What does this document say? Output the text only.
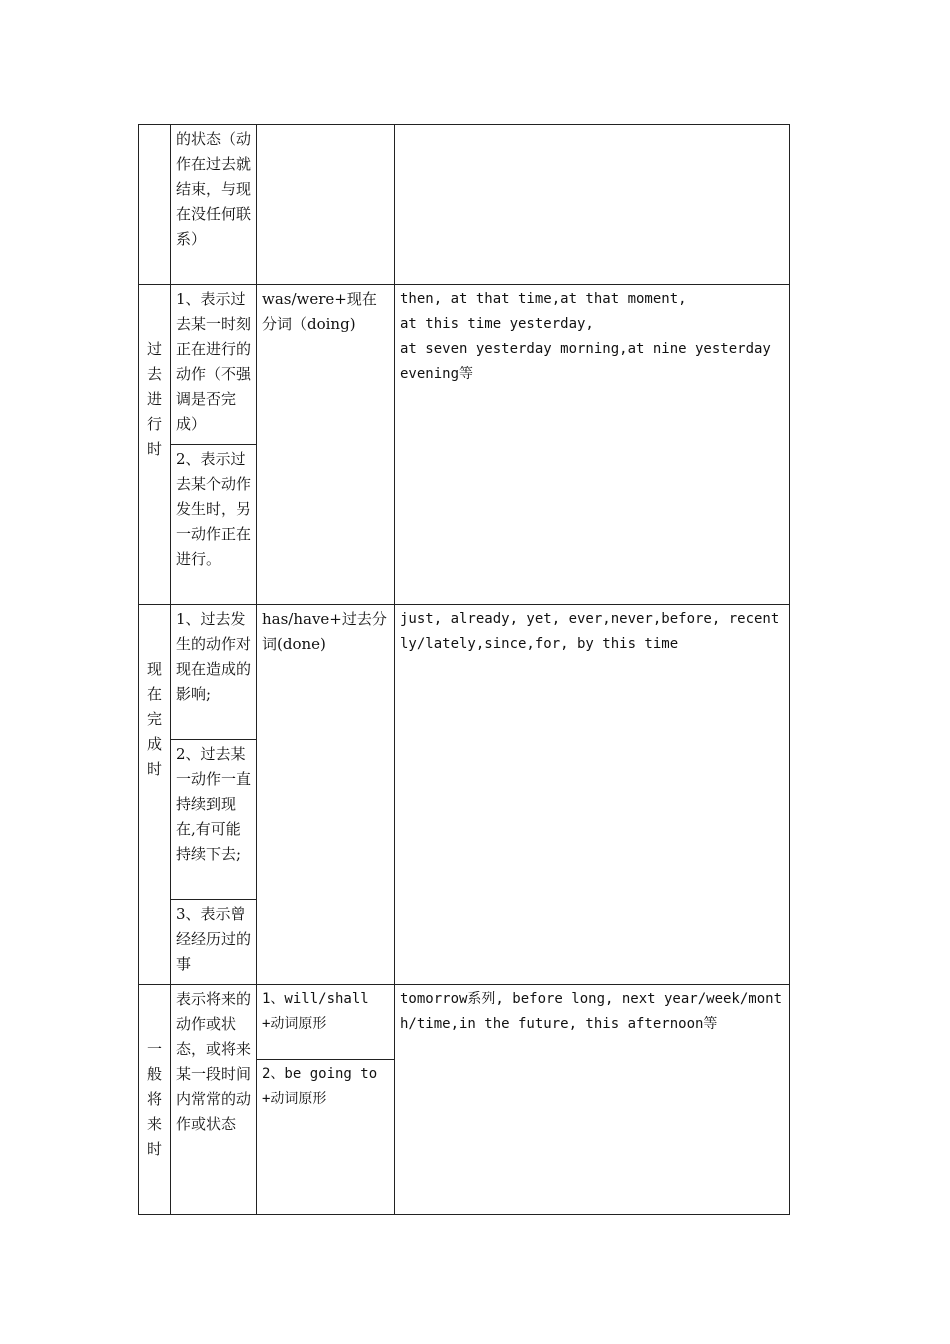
	的状态（动作在过去就结束，与现在没任何联系）		

过去进行时	1、表示过去某一时刻正在进行的动作（不强调是否完成）	was/were+现在分词（doing)	then, at that time,at that moment,
at this time yesterday,
at seven yesterday morning,at nine yesterday evening等
	2、表示过去某个动作发生时，另一动作正在进行。		

现在完成时	1、过去发生的动作对现在造成的影响;	has/have+过去分词(done)	just, already, yet, ever,never,before, recently/lately,since,for, by this time
	2、过去某一动作一直持续到现在,有可能持续下去;		
	3、表示曾经经历过的事		

一般将来时	表示将来的动作或状态，或将来某一段时间内常常的动作或状态	1、will/shall+动词原形	tomorrow系列, before long, next year/week/month/time,in the future, this afternoon等
		2、be going to+动词原形	
